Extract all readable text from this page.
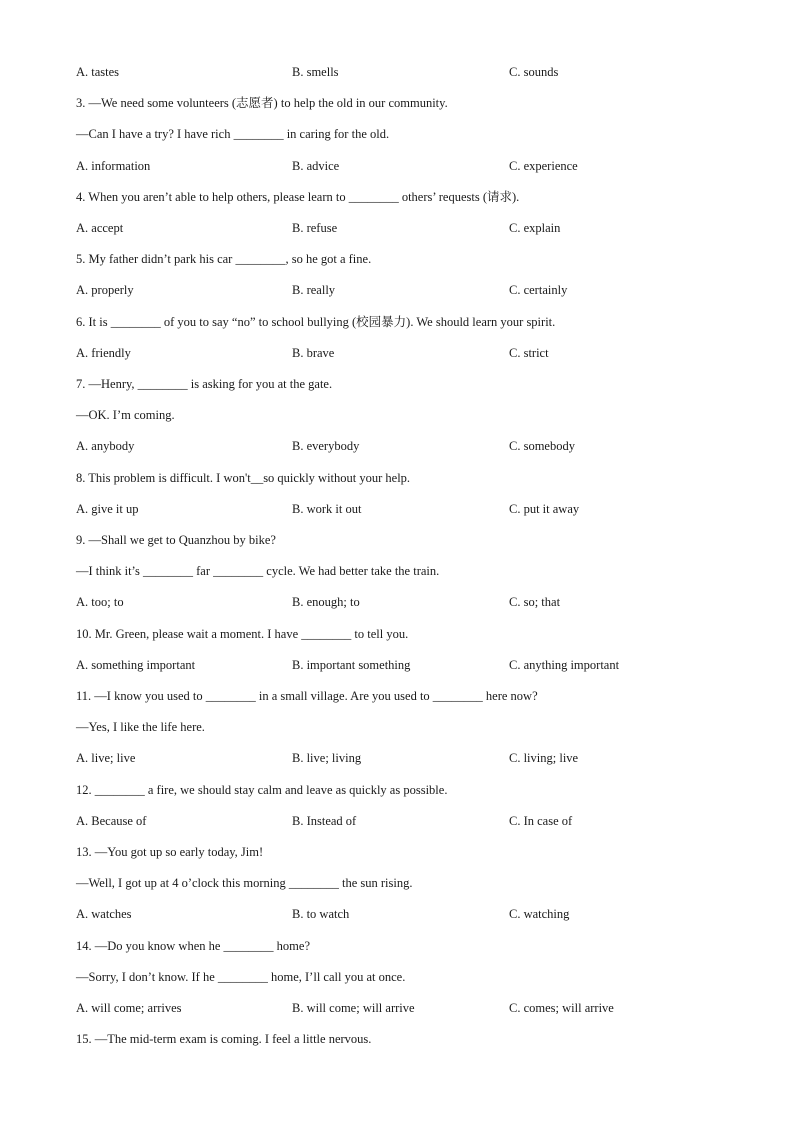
A. tastes	B. smells	C. sounds
3. —We need some volunteers (志愿者) to help the old in our community.
—Can I have a try? I have rich ________ in caring for the old.
A. information	B. advice	C. experience
4. When you aren’t able to help others, please learn to ________ others’ requests (请求).
A. accept	B. refuse	C. explain
5. My father didn’t park his car ________, so he got a fine.
A. properly	B. really	C. certainly
6. It is ________ of you to say “no” to school bullying (校园暴力). We should learn your spirit.
A. friendly	B. brave	C. strict
7. —Henry, ________ is asking for you at the gate.
—OK. I’m coming.
A. anybody	B. everybody	C. somebody
8. This problem is difficult. I won't__so quickly without your help.
A. give it up	B. work it out	C. put it away
9. —Shall we get to Quanzhou by bike?
—I think it’s ________ far ________ cycle. We had better take the train.
A. too; to	B. enough; to	C. so; that
10. Mr. Green, please wait a moment. I have ________ to tell you.
A. something important	B. important something	C. anything important
11. —I know you used to ________ in a small village. Are you used to ________ here now?
—Yes, I like the life here.
A. live; live	B. live; living	C. living; live
12. ________ a fire, we should stay calm and leave as quickly as possible.
A. Because of	B. Instead of	C. In case of
13. —You got up so early today, Jim!
—Well, I got up at 4 o’clock this morning ________ the sun rising.
A. watches	B. to watch	C. watching
14. —Do you know when he ________ home?
—Sorry, I don’t know. If he ________ home, I’ll call you at once.
A. will come; arrives	B. will come; will arrive	C. comes; will arrive
15. —The mid-term exam is coming. I feel a little nervous.
